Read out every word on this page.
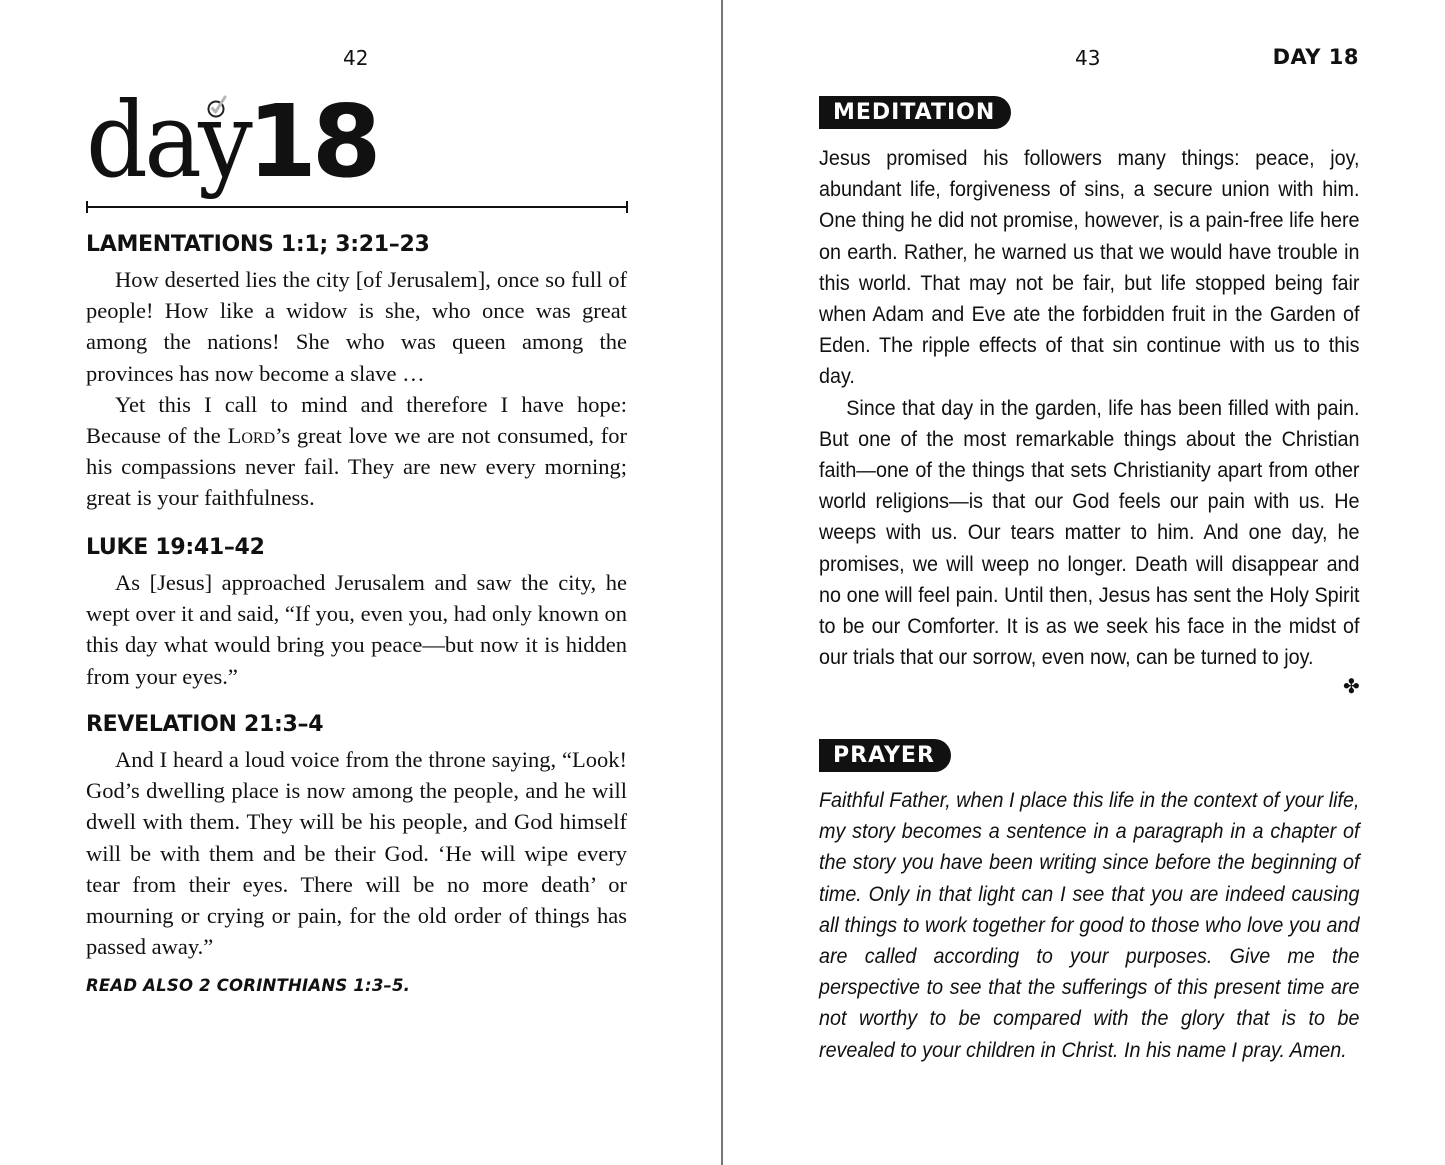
42
day18
LAMENTATIONS 1:1; 3:21–23

How deserted lies the city [of Jerusalem], once so full of people! How like a widow is she, who once was great among the nations! She who was queen among the provinces has now become a slave …

Yet this I call to mind and therefore I have hope: Because of the Lord’s great love we are not consumed, for his compassions never fail. They are new every morning; great is your faithfulness.

LUKE 19:41–42

As [Jesus] approached Jerusalem and saw the city, he wept over it and said, “If you, even you, had only known on this day what would bring you peace—but now it is hidden from your eyes.”

REVELATION 21:3–4

And I heard a loud voice from the throne saying, “Look! God’s dwelling place is now among the people, and he will dwell with them. They will be his people, and God himself will be with them and be their God. ‘He will wipe every tear from their eyes. There will be no more death’ or mourning or crying or pain, for the old order of things has passed away.”

READ ALSO 2 CORINTHIANS 1:3–5.
43	DAY 18
MEDITATION

Jesus promised his followers many things: peace, joy, abundant life, forgiveness of sins, a secure union with him. One thing he did not promise, however, is a pain-free life here on earth. Rather, he warned us that we would have trouble in this world. That may not be fair, but life stopped being fair when Adam and Eve ate the forbidden fruit in the Garden of Eden. The ripple effects of that sin continue with us to this day.

Since that day in the garden, life has been filled with pain. But one of the most remarkable things about the Christian faith—one of the things that sets Christianity apart from other world religions—is that our God feels our pain with us. He weeps with us. Our tears matter to him. And one day, he promises, we will weep no longer. Death will disappear and no one will feel pain. Until then, Jesus has sent the Holy Spirit to be our Comforter. It is as we seek his face in the midst of our trials that our sorrow, even now, can be turned to joy.

✤
PRAYER

Faithful Father, when I place this life in the context of your life, my story becomes a sentence in a paragraph in a chapter of the story you have been writing since before the beginning of time. Only in that light can I see that you are indeed causing all things to work together for good to those who love you and are called according to your purposes. Give me the perspective to see that the sufferings of this present time are not worthy to be compared with the glory that is to be revealed to your children in Christ. In his name I pray. Amen.
